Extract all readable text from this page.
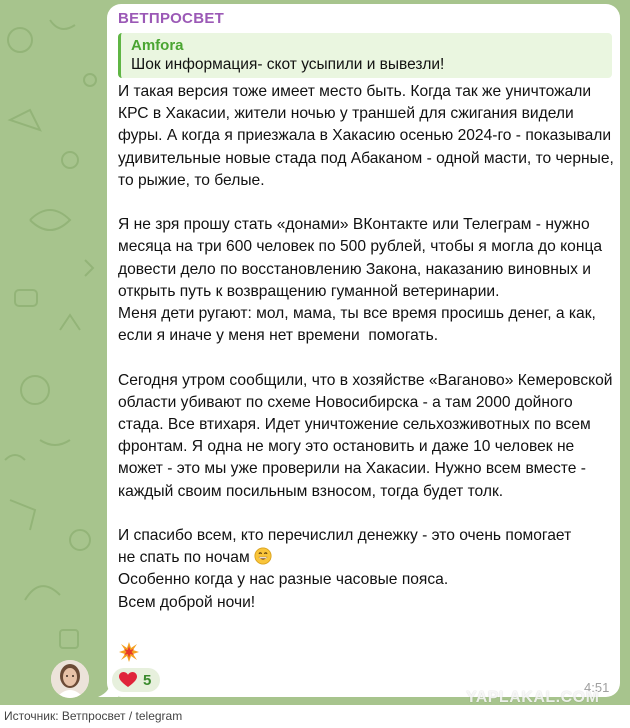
ВЕТПРОСВЕТ
Amfora
Шок информация- скот усыпили и вывезли!
И такая версия тоже имеет место быть. Когда так же уничтожали КРС в Хакасии, жители ночью у траншей для сжигания видели фуры. А когда я приезжала в Хакасию осенью 2024-го - показывали удивительные новые стада под Абаканом - одной масти, то черные, то рыжие, то белые.

Я не зря прошу стать «донами» ВКонтакте или Телеграм - нужно месяца на три 600 человек по 500 рублей, чтобы я могла до конца довести дело по восстановлению Закона, наказанию виновных и открыть путь к возвращению гуманной ветеринарии.
Меня дети ругают: мол, мама, ты все время просишь денег, а как, если я иначе у меня нет времени  помогать.

Сегодня утром сообщили, что в хозяйстве «Ваганово» Кемеровской области убивают по схеме Новосибирска - а там 2000 дойного стада. Все втихаря. Идет уничтожение сельхозживотных по всем фронтам. Я одна не могу это остановить и даже 10 человек не может - это мы уже проверили на Хакасии. Нужно всем вместе - каждый своим посильным взносом, тогда будет толк.

И спасибо всем, кто перечислил денежку - это очень помогает
не спать по ночам
Особенно когда у нас разные часовые пояса.
Всем доброй ночи!
5	4:51
YAPLAKAL.COM
Источник: Ветпросвет / telegram
